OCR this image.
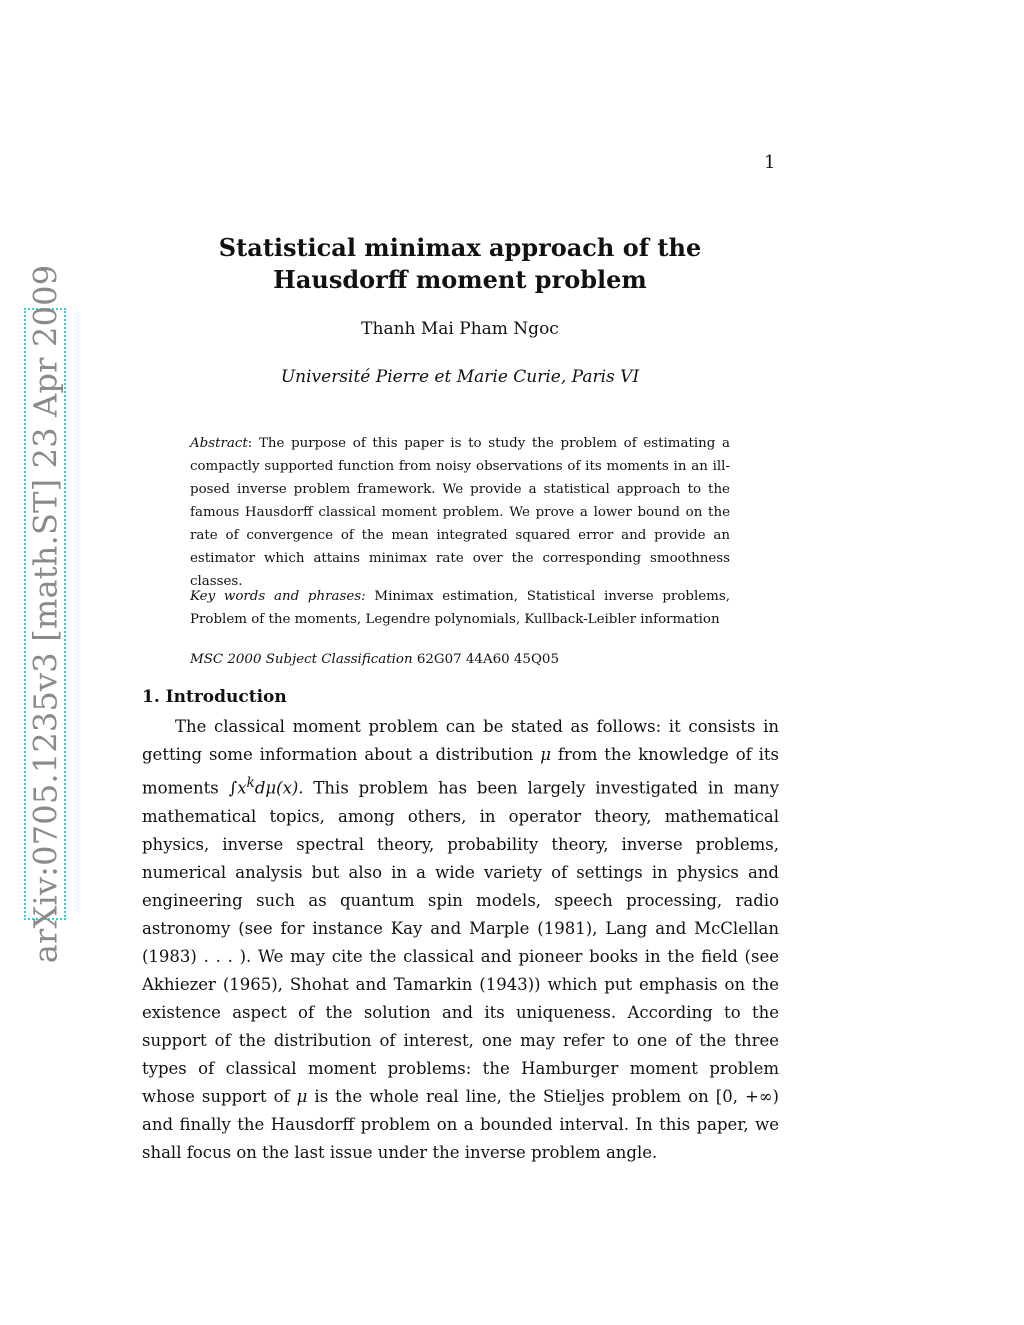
1
arXiv:0705.1235v3 [math.ST] 23 Apr 2009
Statistical minimax approach of the
Hausdorff moment problem
Thanh Mai Pham Ngoc
Université Pierre et Marie Curie, Paris VI

Abstract: The purpose of this paper is to study the problem of estimating a compactly supported function from noisy observations of its moments in an ill-posed inverse problem framework. We provide a statistical approach to the famous Hausdorff classical moment problem. We prove a lower bound on the rate of convergence of the mean integrated squared error and provide an estimator which attains minimax rate over the corresponding smoothness classes.

Key words and phrases: Minimax estimation, Statistical inverse problems, Problem of the moments, Legendre polynomials, Kullback-Leibler information

MSC 2000 Subject Classification 62G07 44A60 45Q05
1. Introduction

The classical moment problem can be stated as follows: it consists in getting some information about a distribution μ from the knowledge of its moments $\int x^kd\mu(x)$. This problem has been largely investigated in many mathematical topics, among others, in operator theory, mathematical physics, inverse spectral theory, probability theory, inverse problems, numerical analysis but also in a wide variety of settings in physics and engineering such as quantum spin models, speech processing, radio astronomy (see for instance Kay and Marple (1981), Lang and McClellan (1983) . . . ). We may cite the classical and pioneer books in the field (see Akhiezer (1965), Shohat and Tamarkin (1943)) which put emphasis on the existence aspect of the solution and its uniqueness. According to the support of the distribution of interest, one may refer to one of the three types of classical moment problems: the Hamburger moment problem whose support of μ is the whole real line, the Stieljes problem on [0, +∞) and finally the Hausdorff problem on a bounded interval. In this paper, we shall focus on the last issue under the inverse problem angle.
